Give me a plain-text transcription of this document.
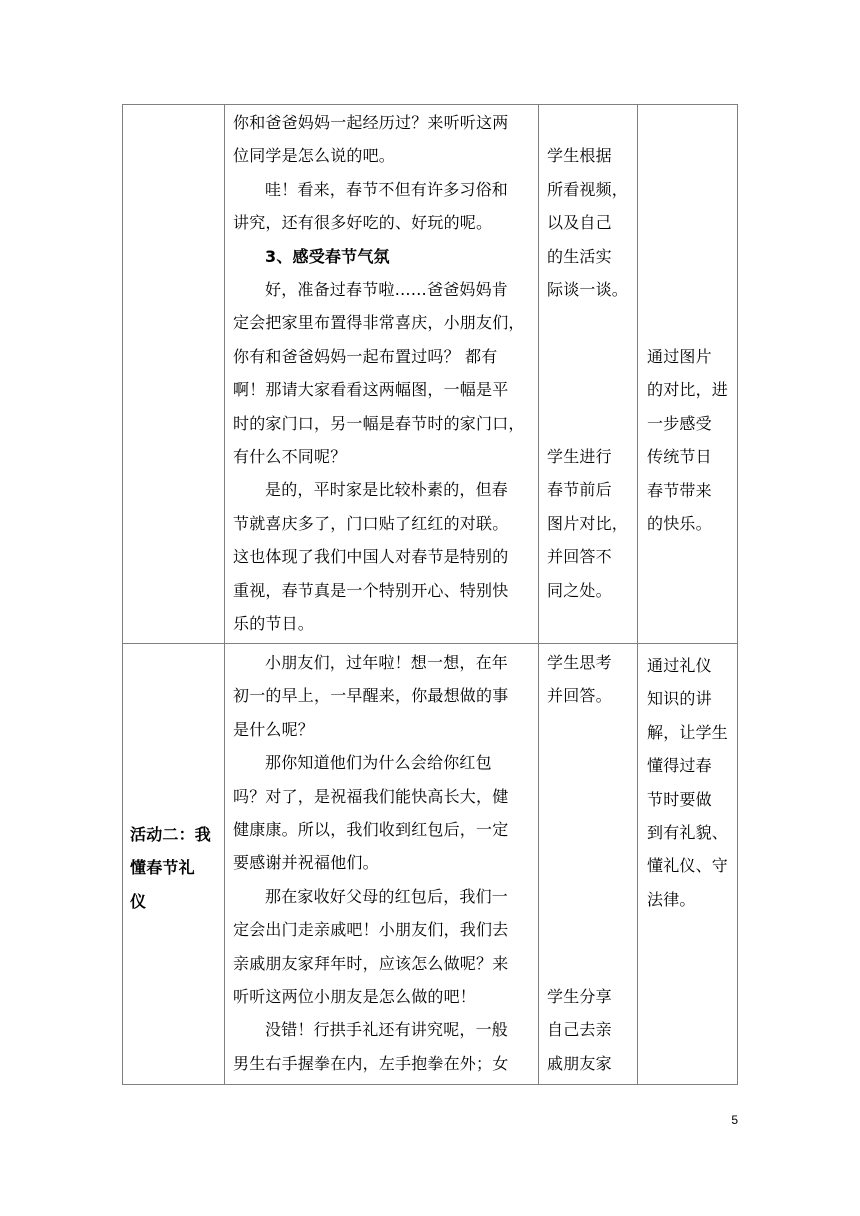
你和爸爸妈妈一起经历过？来听听这两
位同学是怎么说的吧。

哇！看来，春节不但有许多习俗和
讲究，还有很多好吃的、好玩的呢。

3、感受春节气氛

好，准备过春节啦……爸爸妈妈肯
定会把家里布置得非常喜庆，小朋友们，
你有和爸爸妈妈一起布置过吗？ 都有
啊！那请大家看看这两幅图，一幅是平
时的家门口，另一幅是春节时的家门口，
有什么不同呢？

是的，平时家是比较朴素的，但春
节就喜庆多了，门口贴了红红的对联。
这也体现了我们中国人对春节是特别的
重视，春节真是一个特别开心、特别快
乐的节日。

学生根据
所看视频，
以及自己
的生活实
际谈一谈。

学生进行
春节前后
图片对比，
并回答不
同之处。

通过图片
的对比，进
一步感受
传统节日
春节带来
的快乐。

活动二：我
懂春节礼
仪

小朋友们，过年啦！想一想，在年
初一的早上，一早醒来，你最想做的事
是什么呢？

那你知道他们为什么会给你红包
吗？对了，是祝福我们能快高长大，健
健康康。所以，我们收到红包后，一定
要感谢并祝福他们。

那在家收好父母的红包后，我们一
定会出门走亲戚吧！小朋友们，我们去
亲戚朋友家拜年时，应该怎么做呢？来
听听这两位小朋友是怎么做的吧！

没错！行拱手礼还有讲究呢，一般
男生右手握拳在内，左手抱拳在外；女

学生思考
并回答。

学生分享
自己去亲
戚朋友家

通过礼仪
知识的讲
解，让学生
懂得过春
节时要做
到有礼貌、
懂礼仪、守
法律。

5
